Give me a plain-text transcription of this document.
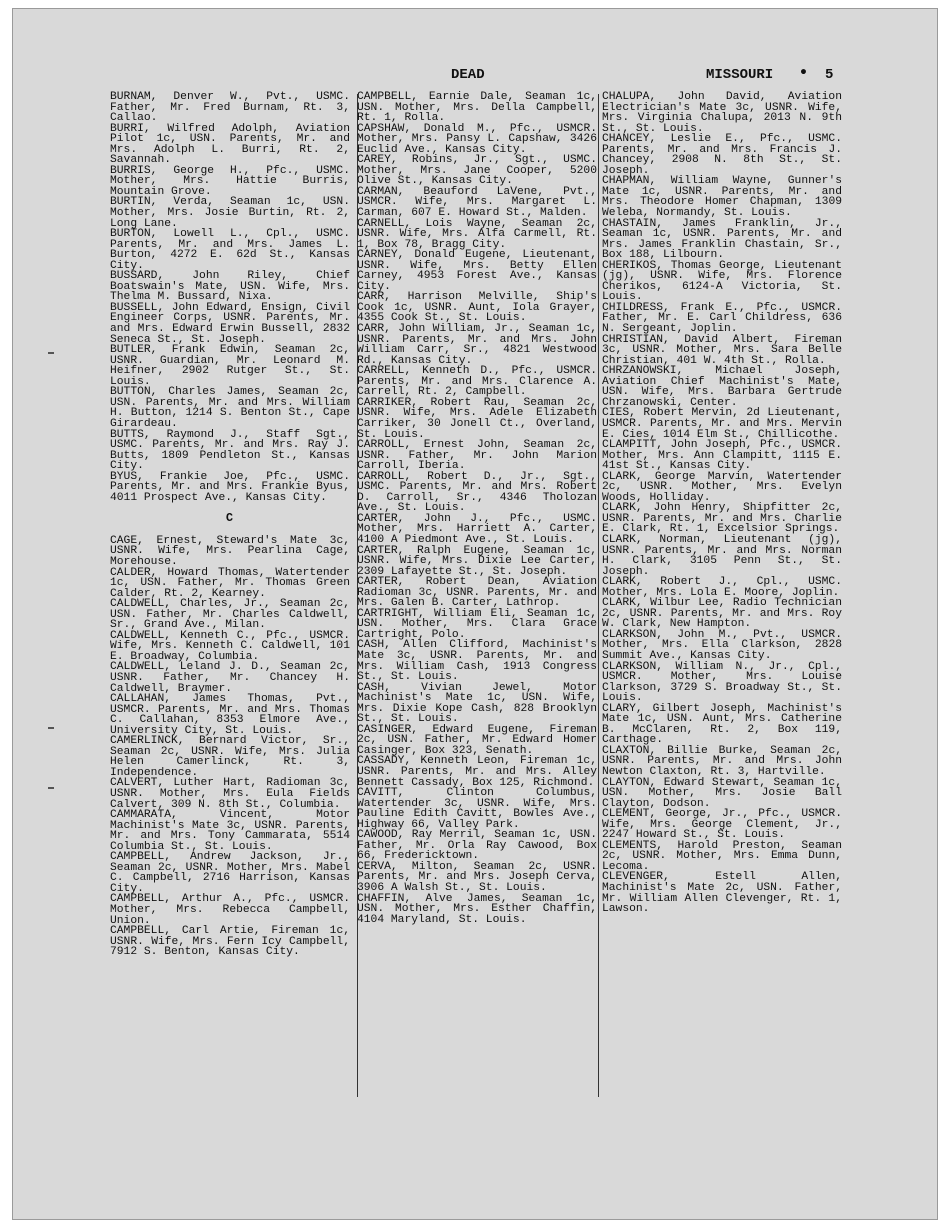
DEAD	MISSOURI • 5

BURNAM, Denver W., Pvt., USMC. Father, Mr. Fred Burnam, Rt. 3, Callao.

BURRI, Wilfred Adolph, Aviation Pilot 1c, USN. Parents, Mr. and Mrs. Adolph L. Burri, Rt. 2, Savannah.

BURRIS, George H., Pfc., USMC. Mother, Mrs. Hattie Burris, Mountain Grove.

BURTIN, Verda, Seaman 1c, USN. Mother, Mrs. Josie Burtin, Rt. 2, Long Lane.

BURTON, Lowell L., Cpl., USMC. Parents, Mr. and Mrs. James L. Burton, 4272 E. 62d St., Kansas City.

BUSSARD, John Riley, Chief Boatswain's Mate, USN. Wife, Mrs. Thelma M. Bussard, Nixa.

BUSSELL, John Edward, Ensign, Civil Engineer Corps, USNR. Parents, Mr. and Mrs. Edward Erwin Bussell, 2832 Seneca St., St. Joseph.

BUTLER, Frank Edwin, Seaman 2c, USNR. Guardian, Mr. Leonard M. Heifner, 2902 Rutger St., St. Louis.

BUTTON, Charles James, Seaman 2c, USN. Parents, Mr. and Mrs. William H. Button, 1214 S. Benton St., Cape Girardeau.

BUTTS, Raymond J., Staff Sgt., USMC. Parents, Mr. and Mrs. Ray J. Butts, 1809 Pendleton St., Kansas City.

BYUS, Frankie Joe, Pfc., USMC. Parents, Mr. and Mrs. Frankie Byus, 4011 Prospect Ave., Kansas City.

C

CAGE, Ernest, Steward's Mate 3c, USNR. Wife, Mrs. Pearlina Cage, Morehouse.

CALDER, Howard Thomas, Watertender 1c, USN. Father, Mr. Thomas Green Calder, Rt. 2, Kearney.

CALDWELL, Charles, Jr., Seaman 2c, USN. Father, Mr. Charles Caldwell, Sr., Grand Ave., Milan.

CALDWELL, Kenneth C., Pfc., USMCR. Wife, Mrs. Kenneth C. Caldwell, 101 E. Broadway, Columbia.

CALDWELL, Leland J. D., Seaman 2c, USNR. Father, Mr. Chancey H. Caldwell, Braymer.

CALLAHAN, James Thomas, Pvt., USMCR. Parents, Mr. and Mrs. Thomas C. Callahan, 8353 Elmore Ave., University City, St. Louis.

CAMERLINCK, Bernard Victor, Sr., Seaman 2c, USNR. Wife, Mrs. Julia Helen Camerlinck, Rt. 3, Independence.

CALVERT, Luther Hart, Radioman 3c, USNR. Mother, Mrs. Eula Fields Calvert, 309 N. 8th St., Columbia.

CAMMARATA, Vincent, Motor Machinist's Mate 3c, USNR. Parents, Mr. and Mrs. Tony Cammarata, 5514 Columbia St., St. Louis.

CAMPBELL, Andrew Jackson, Jr., Seaman 2c, USNR. Mother, Mrs. Mabel C. Campbell, 2716 Harrison, Kansas City.

CAMPBELL, Arthur A., Pfc., USMCR. Mother, Mrs. Rebecca Campbell, Union.

CAMPBELL, Carl Artie, Fireman 1c, USNR. Wife, Mrs. Fern Icy Campbell, 7912 S. Benton, Kansas City.

CAMPBELL, Earnie Dale, Seaman 1c, USN. Mother, Mrs. Della Campbell, Rt. 1, Rolla.

CAPSHAW, Donald M., Pfc., USMCR. Mother, Mrs. Pansy L. Capshaw, 3426 Euclid Ave., Kansas City.

CAREY, Robins, Jr., Sgt., USMC. Mother, Mrs. Jane Cooper, 5200 Olive St., Kansas City.

CARMAN, Beauford LaVene, Pvt., USMCR. Wife, Mrs. Margaret L. Carman, 607 E. Howard St., Malden.

CARNELL, Lois Wayne, Seaman 2c, USNR. Wife, Mrs. Alfa Carmell, Rt. 1, Box 78, Bragg City.

CARNEY, Donald Eugene, Lieutenant, USNR. Wife, Mrs. Betty Ellen Carney, 4953 Forest Ave., Kansas City.

CARR, Harrison Melville, Ship's Cook 1c, USNR. Aunt, Iola Grayer, 4355 Cook St., St. Louis.

CARR, John William, Jr., Seaman 1c, USNR. Parents, Mr. and Mrs. John William Carr, Sr., 4821 Westwood Rd., Kansas City.

CARRELL, Kenneth D., Pfc., USMCR. Parents, Mr. and Mrs. Clarence A. Carrell, Rt. 2, Campbell.

CARRIKER, Robert Rau, Seaman 2c, USNR. Wife, Mrs. Adele Elizabeth Carriker, 30 Jonell Ct., Overland, St. Louis.

CARROLL, Ernest John, Seaman 2c, USNR. Father, Mr. John Marion Carroll, Iberia.

CARROLL, Robert D., Jr., Sgt., USMC. Parents, Mr. and Mrs. Robert D. Carroll, Sr., 4346 Tholozan Ave., St. Louis.

CARTER, John J., Pfc., USMC. Mother, Mrs. Harriett A. Carter, 4100 A Piedmont Ave., St. Louis.

CARTER, Ralph Eugene, Seaman 1c, USNR. Wife, Mrs. Dixie Lee Carter, 2309 Lafayette St., St. Joseph.

CARTER, Robert Dean, Aviation Radioman 3c, USNR. Parents, Mr. and Mrs. Galen B. Carter, Lathrop.

CARTRIGHT, William Eli, Seaman 1c, USN. Mother, Mrs. Clara Grace Cartright, Polo.

CASH, Allen Clifford, Machinist's Mate 3c, USNR. Parents, Mr. and Mrs. William Cash, 1913 Congress St., St. Louis.

CASH, Vivian Jewel, Motor Machinist's Mate 1c, USN. Wife, Mrs. Dixie Kope Cash, 828 Brooklyn St., St. Louis.

CASINGER, Edward Eugene, Fireman 2c, USN. Father, Mr. Edward Homer Casinger, Box 323, Senath.

CASSADY, Kenneth Leon, Fireman 1c, USNR. Parents, Mr. and Mrs. Alley Bennett Cassady, Box 125, Richmond.

CAVITT, Clinton Columbus, Watertender 3c, USNR. Wife, Mrs. Pauline Edith Cavitt, Bowles Ave., Highway 66, Valley Park.

CAWOOD, Ray Merril, Seaman 1c, USN. Father, Mr. Orla Ray Cawood, Box 66, Fredericktown.

CERVA, Milton, Seaman 2c, USNR. Parents, Mr. and Mrs. Joseph Cerva, 3906 A Walsh St., St. Louis.

CHAFFIN, Alve James, Seaman 1c, USN. Mother, Mrs. Esther Chaffin, 4104 Maryland, St. Louis.

CHALUPA, John David, Aviation Electrician's Mate 3c, USNR. Wife, Mrs. Virginia Chalupa, 2013 N. 9th St., St. Louis.

CHANCEY, Leslie E., Pfc., USMC. Parents, Mr. and Mrs. Francis J. Chancey, 2908 N. 8th St., St. Joseph.

CHAPMAN, William Wayne, Gunner's Mate 1c, USNR. Parents, Mr. and Mrs. Theodore Homer Chapman, 1309 Weleba, Normandy, St. Louis.

CHASTAIN, James Franklin, Jr., Seaman 1c, USNR. Parents, Mr. and Mrs. James Franklin Chastain, Sr., Box 188, Lilbourn.

CHERIKOS, Thomas George, Lieutenant (jg), USNR. Wife, Mrs. Florence Cherikos, 6124-A Victoria, St. Louis.

CHILDRESS, Frank E., Pfc., USMCR. Father, Mr. E. Carl Childress, 636 N. Sergeant, Joplin.

CHRISTIAN, David Albert, Fireman 3c, USNR. Mother, Mrs. Sara Belle Christian, 401 W. 4th St., Rolla.

CHRZANOWSKI, Michael Joseph, Aviation Chief Machinist's Mate, USN. Wife, Mrs. Barbara Gertrude Chrzanowski, Center.

CIES, Robert Mervin, 2d Lieutenant, USMCR. Parents, Mr. and Mrs. Mervin E. Cies, 1014 Elm St., Chillicothe.

CLAMPITT, John Joseph, Pfc., USMCR. Mother, Mrs. Ann Clampitt, 1115 E. 41st St., Kansas City.

CLARK, George Marvin, Watertender 2c, USNR. Mother, Mrs. Evelyn Woods, Holliday.

CLARK, John Henry, Shipfitter 2c, USNR. Parents, Mr. and Mrs. Charlie E. Clark, Rt. 1, Excelsior Springs.

CLARK, Norman, Lieutenant (jg), USNR. Parents, Mr. and Mrs. Norman H. Clark, 3105 Penn St., St. Joseph.

CLARK, Robert J., Cpl., USMC. Mother, Mrs. Lola E. Moore, Joplin.

CLARK, Wilbur Lee, Radio Technician 2c, USNR. Parents, Mr. and Mrs. Roy W. Clark, New Hampton.

CLARKSON, John M., Pvt., USMCR. Mother, Mrs. Ella Clarkson, 2828 Summit Ave., Kansas City.

CLARKSON, William N., Jr., Cpl., USMCR. Mother, Mrs. Louise Clarkson, 3729 S. Broadway St., St. Louis.

CLARY, Gilbert Joseph, Machinist's Mate 1c, USN. Aunt, Mrs. Catherine B. McClaren, Rt. 2, Box 119, Carthage.

CLAXTON, Billie Burke, Seaman 2c, USNR. Parents, Mr. and Mrs. John Newton Claxton, Rt. 3, Hartville.

CLAYTON, Edward Stewart, Seaman 1c, USN. Mother, Mrs. Josie Ball Clayton, Dodson.

CLEMENT, George, Jr., Pfc., USMCR. Wife, Mrs. George Clement, Jr., 2247 Howard St., St. Louis.

CLEMENTS, Harold Preston, Seaman 2c, USNR. Mother, Mrs. Emma Dunn, Lecoma.

CLEVENGER, Estell Allen, Machinist's Mate 2c, USN. Father, Mr. William Allen Clevenger, Rt. 1, Lawson.
